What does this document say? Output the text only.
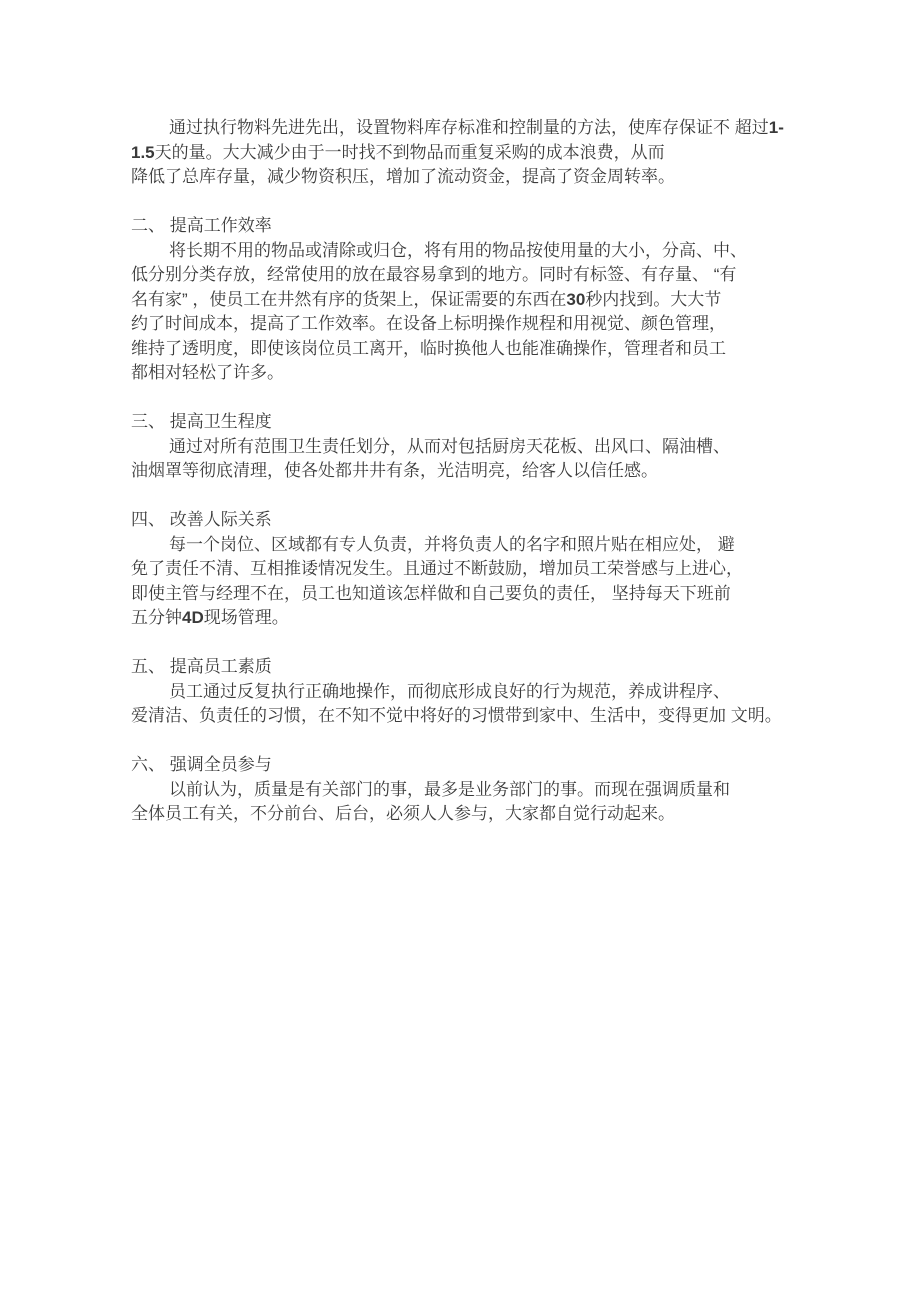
通过执行物料先进先出，设置物料库存标准和控制量的方法，使库存保证不 超过1-
1.5天的量。大大减少由于一时找不到物品而重复采购的成本浪费，从而
降低了总库存量，减少物资积压，增加了流动资金，提高了资金周转率。
二、 提高工作效率
将长期不用的物品或清除或归仓，将有用的物品按使用量的大小，分高、中、
低分别分类存放，经常使用的放在最容易拿到的地方。同时有标签、有存量、 “有
名有家” ，使员工在井然有序的货架上，保证需要的东西在30秒内找到。大大节
约了时间成本，提高了工作效率。在设备上标明操作规程和用视觉、颜色管理，
维持了透明度，即使该岗位员工离开，临时换他人也能准确操作，管理者和员工
都相对轻松了许多。
三、 提高卫生程度
通过对所有范围卫生责任划分，从而对包括厨房天花板、出风口、隔油槽、
油烟罩等彻底清理，使各处都井井有条，光洁明亮，给客人以信任感。
四、 改善人际关系
每一个岗位、区域都有专人负责，并将负责人的名字和照片贴在相应处， 避
免了责任不清、互相推诿情况发生。且通过不断鼓励，增加员工荣誉感与上进心，
即使主管与经理不在，员工也知道该怎样做和自己要负的责任， 坚持每天下班前
五分钟4D现场管理。
五、 提高员工素质
员工通过反复执行正确地操作，而彻底形成良好的行为规范，养成讲程序、
爱清洁、负责任的习惯，在不知不觉中将好的习惯带到家中、生活中，变得更加 文明。
六、 强调全员参与
以前认为，质量是有关部门的事，最多是业务部门的事。而现在强调质量和
全体员工有关，不分前台、后台，必须人人参与，大家都自觉行动起来。
